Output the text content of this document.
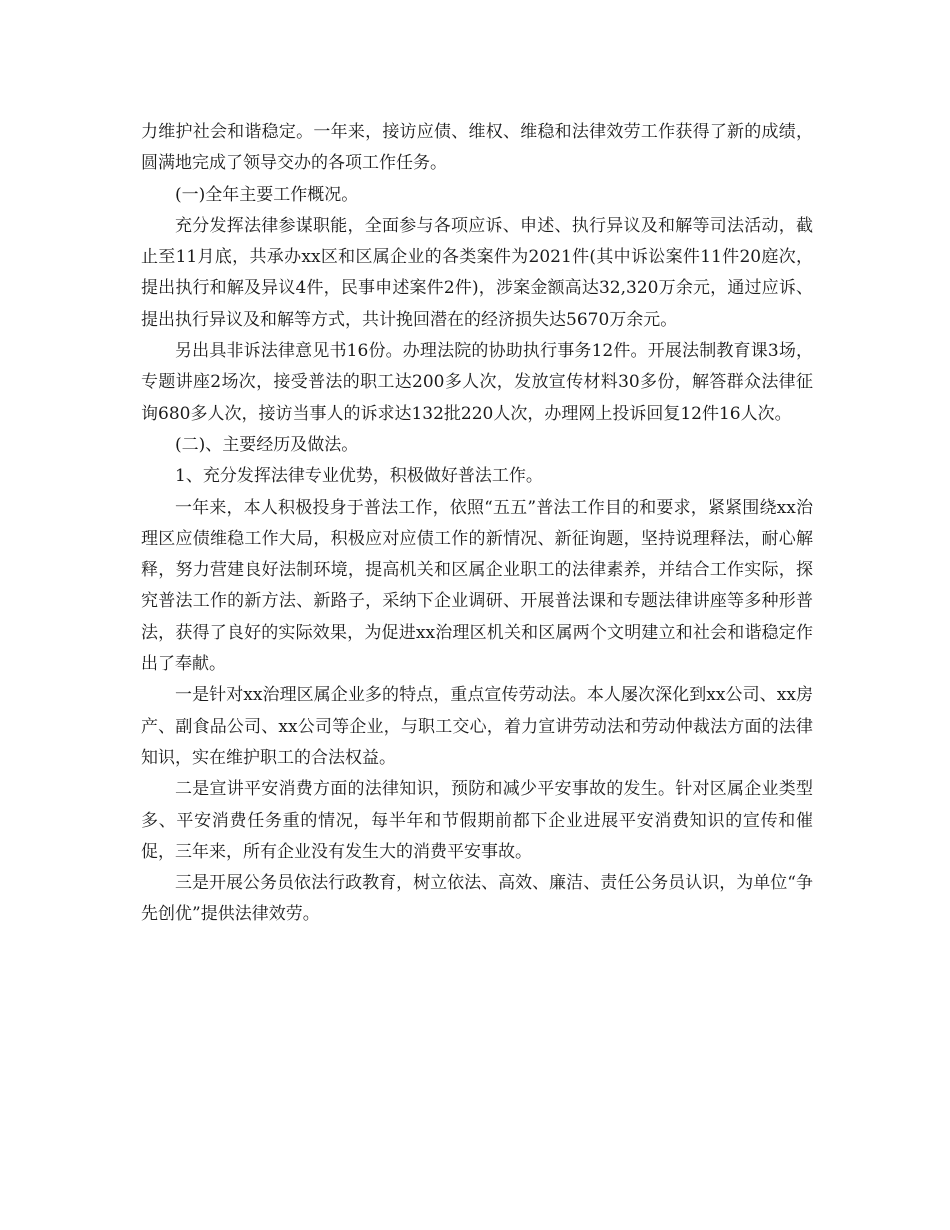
力维护社会和谐稳定。一年来，接访应债、维权、维稳和法律效劳工作获得了新的成绩，圆满地完成了领导交办的各项工作任务。

(一)全年主要工作概况。

充分发挥法律参谋职能，全面参与各项应诉、申述、执行异议及和解等司法活动，截止至11月底，共承办xx区和区属企业的各类案件为2021件(其中诉讼案件11件20庭次，提出执行和解及异议4件，民事申述案件2件)，涉案金额高达32,320万余元，通过应诉、提出执行异议及和解等方式，共计挽回潜在的经济损失达5670万余元。

另出具非诉法律意见书16份。办理法院的协助执行事务12件。开展法制教育课3场，专题讲座2场次，接受普法的职工达200多人次，发放宣传材料30多份，解答群众法律征询680多人次，接访当事人的诉求达132批220人次，办理网上投诉回复12件16人次。

(二)、主要经历及做法。

1、充分发挥法律专业优势，积极做好普法工作。

一年来，本人积极投身于普法工作，依照“五五”普法工作目的和要求，紧紧围绕xx治理区应债维稳工作大局，积极应对应债工作的新情况、新征询题，坚持说理释法，耐心解释，努力营建良好法制环境，提高机关和区属企业职工的法律素养，并结合工作实际，探究普法工作的新方法、新路子，采纳下企业调研、开展普法课和专题法律讲座等多种形普法，获得了良好的实际效果，为促进xx治理区机关和区属两个文明建立和社会和谐稳定作出了奉献。

一是针对xx治理区属企业多的特点，重点宣传劳动法。本人屡次深化到xx公司、xx房产、副食品公司、xx公司等企业，与职工交心，着力宣讲劳动法和劳动仲裁法方面的法律知识，实在维护职工的合法权益。

二是宣讲平安消费方面的法律知识，预防和减少平安事故的发生。针对区属企业类型多、平安消费任务重的情况，每半年和节假期前都下企业进展平安消费知识的宣传和催促，三年来，所有企业没有发生大的消费平安事故。

三是开展公务员依法行政教育，树立依法、高效、廉洁、责任公务员认识，为单位“争先创优”提供法律效劳。
